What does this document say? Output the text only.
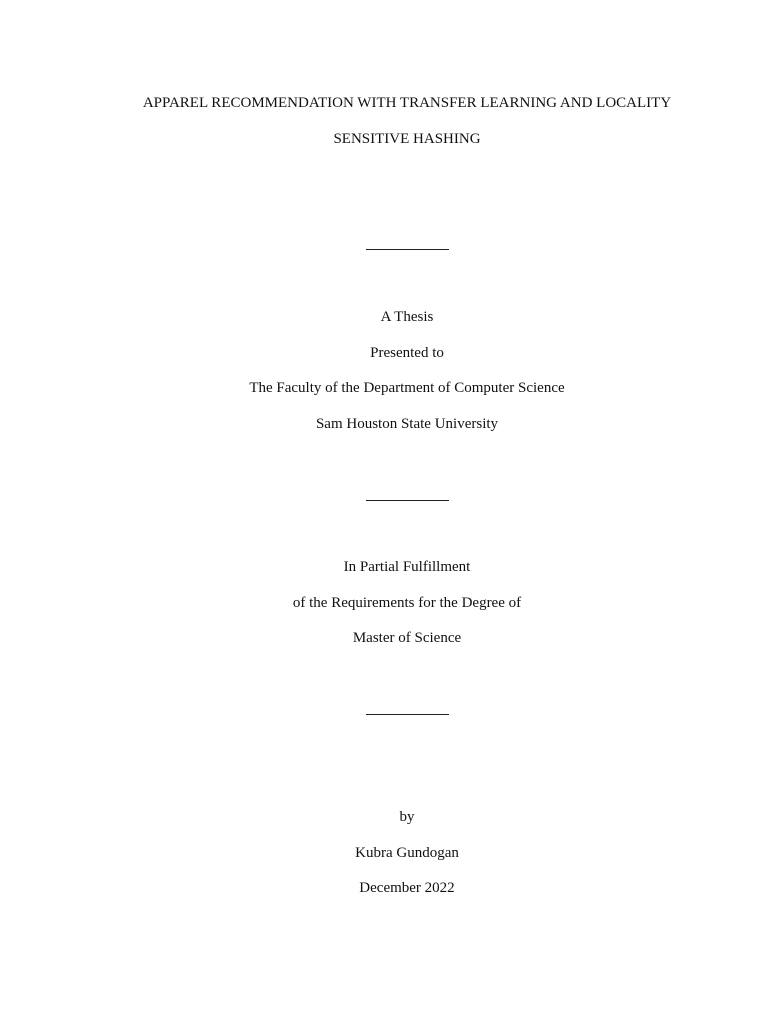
APPAREL RECOMMENDATION WITH TRANSFER LEARNING AND LOCALITY
SENSITIVE HASHING
A Thesis
Presented to
The Faculty of the Department of Computer Science
Sam Houston State University
In Partial Fulfillment
of the Requirements for the Degree of
Master of Science
by
Kubra Gundogan
December 2022
